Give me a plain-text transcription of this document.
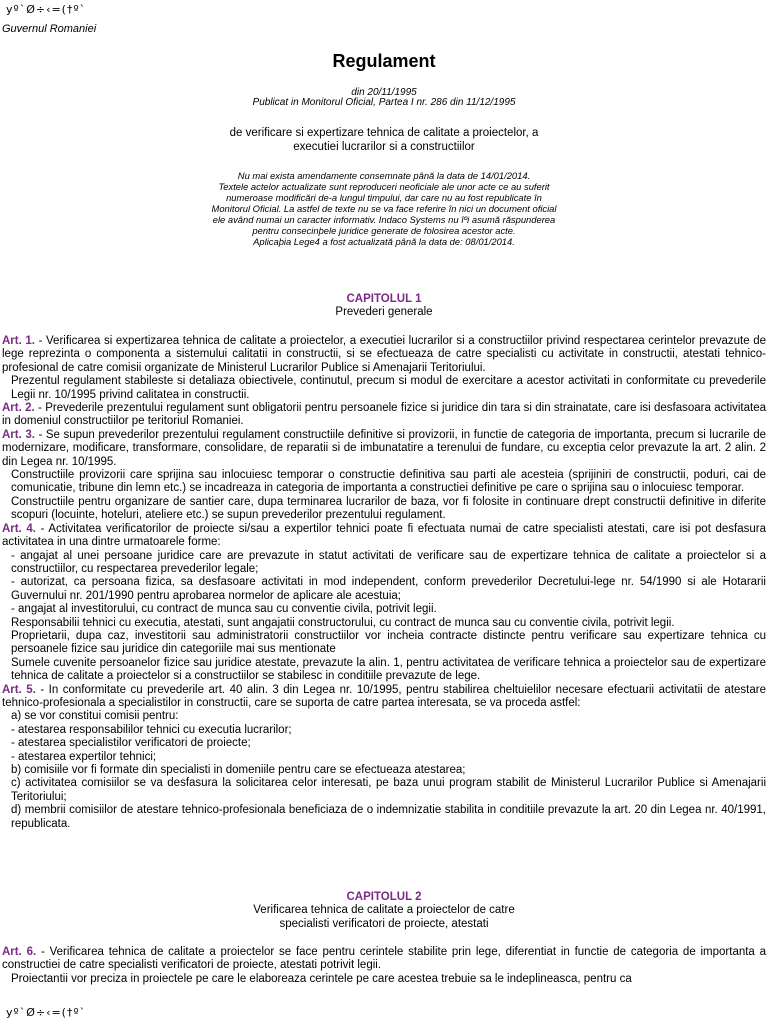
yº`Ø÷‹=(†º`
Guvernul Romaniei
Regulament
din 20/11/1995
Publicat in Monitorul Oficial, Partea I nr. 286 din 11/12/1995
de verificare si expertizare tehnica de calitate a proiectelor, a
executiei lucrarilor si a constructiilor
Nu mai exista amendamente consemnate până la data de 14/01/2014.
Textele actelor actualizate sunt reproduceri neoficiale ale unor acte ce au suferit
numeroase modificări de-a lungul timpului, dar care nu au fost republicate în
Monitorul Oficial. La astfel de texte nu se va face referire în nici un document oficial
ele având numai un caracter informativ. Indaco Systems nu îºi asumă răspunderea
pentru consecinþele juridice generate de folosirea acestor acte.
Aplicaþia Lege4 a fost actualizată până la data de: 08/01/2014.
CAPITOLUL 1
Prevederi generale

Art. 1. - Verificarea si expertizarea tehnica de calitate a proiectelor, a executiei lucrarilor si a constructiilor privind respectarea cerintelor prevazute de lege reprezinta o componenta a sistemului calitatii in constructii, si se efectueaza de catre specialisti cu activitate in constructii, atestati tehnico-profesional de catre comisii organizate de Ministerul Lucrarilor Publice si Amenajarii Teritoriului.

Prezentul regulament stabileste si detaliaza obiectivele, continutul, precum si modul de exercitare a acestor activitati in conformitate cu prevederile Legii nr. 10/1995 privind calitatea in constructii.

Art. 2. - Prevederile prezentului regulament sunt obligatorii pentru persoanele fizice si juridice din tara si din strainatate, care isi desfasoara activitatea in domeniul constructiilor pe teritoriul Romaniei.

Art. 3. - Se supun prevederilor prezentului regulament constructiile definitive si provizorii, in functie de categoria de importanta, precum si lucrarile de modernizare, modificare, transformare, consolidare, de reparatii si de imbunatatire a terenului de fundare, cu exceptia celor prevazute la art. 2 alin. 2 din Legea nr. 10/1995.

Constructiile provizorii care sprijina sau inlocuiesc temporar o constructie definitiva sau parti ale acesteia (sprijiniri de constructii, poduri, cai de comunicatie, tribune din lemn etc.) se incadreaza in categoria de importanta a constructiei definitive pe care o sprijina sau o inlocuiesc temporar.

Constructiile pentru organizare de santier care, dupa terminarea lucrarilor de baza, vor fi folosite in continuare drept constructii definitive in diferite scopuri (locuinte, hoteluri, ateliere etc.) se supun prevederilor prezentului regulament.

Art. 4. - Activitatea verificatorilor de proiecte si/sau a expertilor tehnici poate fi efectuata numai de catre specialisti atestati, care isi pot desfasura activitatea in una dintre urmatoarele forme:

- angajat al unei persoane juridice care are prevazute in statut activitati de verificare sau de expertizare tehnica de calitate a proiectelor si a constructiilor, cu respectarea prevederilor legale;

- autorizat, ca persoana fizica, sa desfasoare activitati in mod independent, conform prevederilor Decretului-lege nr. 54/1990 si ale Hotararii Guvernului nr. 201/1990 pentru aprobarea normelor de aplicare ale acestuia;

- angajat al investitorului, cu contract de munca sau cu conventie civila, potrivit legii.

Responsabilii tehnici cu executia, atestati, sunt angajatii constructorului, cu contract de munca sau cu conventie civila, potrivit legii.

Proprietarii, dupa caz, investitorii sau administratorii constructiilor vor incheia contracte distincte pentru verificare sau expertizare tehnica cu persoanele fizice sau juridice din categoriile mai sus mentionate

Sumele cuvenite persoanelor fizice sau juridice atestate, prevazute la alin. 1, pentru activitatea de verificare tehnica a proiectelor sau de expertizare tehnica de calitate a proiectelor si a constructiilor se stabilesc in conditiile prevazute de lege.

Art. 5. - In conformitate cu prevederile art. 40 alin. 3 din Legea nr. 10/1995, pentru stabilirea cheltuielilor necesare efectuarii activitatii de atestare tehnico-profesionala a specialistilor in constructii, care se suporta de catre partea interesata, se va proceda astfel:

a) se vor constitui comisii pentru:

- atestarea responsabililor tehnici cu executia lucrarilor;

- atestarea specialistilor verificatori de proiecte;

- atestarea expertilor tehnici;

b) comisiile vor fi formate din specialisti in domeniile pentru care se efectueaza atestarea;

c) activitatea comisiilor se va desfasura la solicitarea celor interesati, pe baza unui program stabilit de Ministerul Lucrarilor Publice si Amenajarii Teritoriului;

d) membrii comisiilor de atestare tehnico-profesionala beneficiaza de o indemnizatie stabilita in conditiile prevazute la art. 20 din Legea nr. 40/1991, republicata.

CAPITOLUL 2
Verificarea tehnica de calitate a proiectelor de catre
specialisti verificatori de proiecte, atestati

Art. 6. - Verificarea tehnica de calitate a proiectelor se face pentru cerintele stabilite prin lege, diferentiat in functie de categoria de importanta a constructiei de catre specialisti verificatori de proiecte, atestati potrivit legii.

Proiectantii vor preciza in proiectele pe care le elaboreaza cerintele pe care acestea trebuie sa le indeplineasca, pentru ca

yº`Ø÷‹=(†º`
